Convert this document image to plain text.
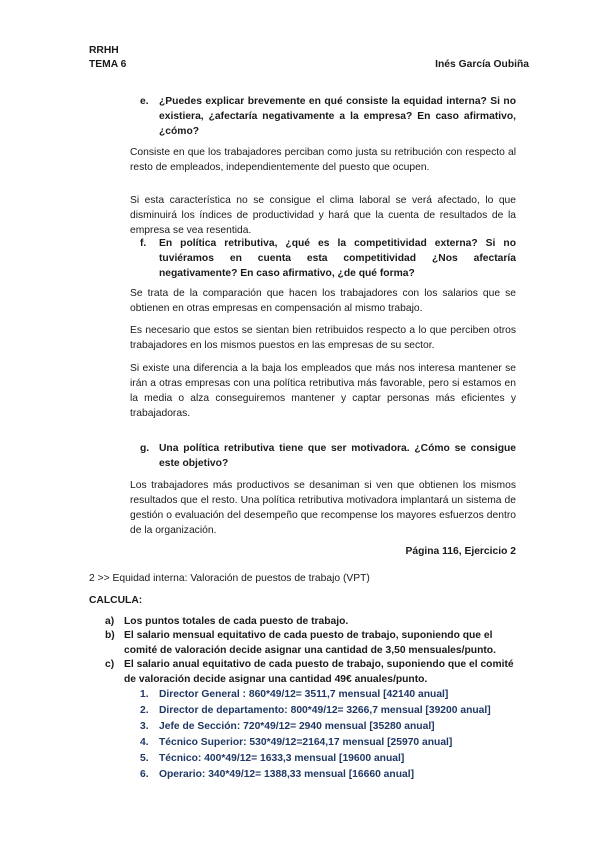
RRHH
TEMA 6	Inés García Oubiña
e. ¿Puedes explicar brevemente en qué consiste la equidad interna? Si no existiera, ¿afectaría negativamente a la empresa? En caso afirmativo, ¿cómo?
Consiste en que los trabajadores perciban como justa su retribución con respecto al resto de empleados, independientemente del puesto que ocupen.
Si esta característica no se consigue el clima laboral se verá afectado, lo que disminuirá los índices de productividad y hará que la cuenta de resultados de la empresa se vea resentida.
f. En política retributiva, ¿qué es la competitividad externa? Si no tuviéramos en cuenta esta competitividad ¿Nos afectaría negativamente? En caso afirmativo, ¿de qué forma?
Se trata de la comparación que hacen los trabajadores con los salarios que se obtienen en otras empresas en compensación al mismo trabajo.
Es necesario que estos se sientan bien retribuidos respecto a lo que perciben otros trabajadores en los mismos puestos en las empresas de su sector.
Si existe una diferencia a la baja los empleados que más nos interesa mantener se irán a otras empresas con una política retributiva más favorable, pero si estamos en la media o alza conseguiremos mantener y captar personas más eficientes y trabajadoras.
g. Una política retributiva tiene que ser motivadora. ¿Cómo se consigue este objetivo?
Los trabajadores más productivos se desaniman si ven que obtienen los mismos resultados que el resto. Una política retributiva motivadora implantará un sistema de gestión o evaluación del desempeño que recompense los mayores esfuerzos dentro de la organización.
Página 116, Ejercicio 2
2 >> Equidad interna: Valoración de puestos de trabajo (VPT)
CALCULA:
a) Los puntos totales de cada puesto de trabajo.
b) El salario mensual equitativo de cada puesto de trabajo, suponiendo que el comité de valoración decide asignar una cantidad de 3,50 mensuales/punto.
c) El salario anual equitativo de cada puesto de trabajo, suponiendo que el comité de valoración decide asignar una cantidad 49€ anuales/punto.
1. Director General : 860*49/12= 3511,7 mensual [42140 anual]
2. Director de departamento: 800*49/12= 3266,7 mensual [39200 anual]
3. Jefe de Sección: 720*49/12= 2940 mensual [35280 anual]
4. Técnico Superior: 530*49/12=2164,17 mensual [25970 anual]
5. Técnico: 400*49/12= 1633,3 mensual [19600 anual]
6. Operario: 340*49/12= 1388,33 mensual [16660 anual]
